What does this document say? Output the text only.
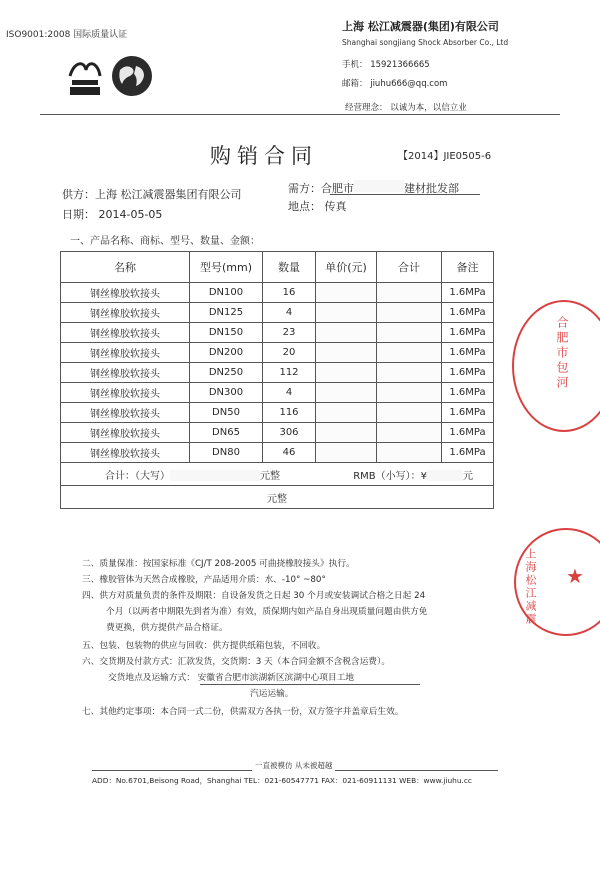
ISO9001:2008 国际质量认证
上海 松江减震器(集团)有限公司
Shanghai songjiang Shock Absorber Co., Ltd
手机： 15921366665
邮箱： jiuhu666@qq.com
经营理念： 以诚为本，以信立业
购销合同	【2014】JIE0505-6
供方：上海 松江减震器集团有限公司
日期： 2014-05-05
需方：合肥市	建材批发部
地点： 传真
一、产品名称、商标、型号、数量、金额：
名称	型号(mm)	数量	单价(元)	合计	备注
钢丝橡胶软接头	DN100	16			1.6MPa
钢丝橡胶软接头	DN125	4			1.6MPa
钢丝橡胶软接头	DN150	23			1.6MPa
钢丝橡胶软接头	DN200	20			1.6MPa
钢丝橡胶软接头	DN250	112			1.6MPa
钢丝橡胶软接头	DN300	4			1.6MPa
钢丝橡胶软接头	DN50	116			1.6MPa
钢丝橡胶软接头	DN65	306			1.6MPa
钢丝橡胶软接头	DN80	46			1.6MPa
合计：（大写） 元整 RMB（小写）：¥ 元					
元整					
二、质量保准：按国家标准《CJ/T 208-2005 可曲挠橡胶接头》执行。
三、橡胶管体为天然合成橡胶，产品适用介质：水、-10° ~80°
四、供方对质量负责的条件及期限：自设备发货之日起 30 个月或安装调试合格之日起 24
个月（以两者中期限先到者为准）有效，质保期内如产品自身出现质量问题由供方免
费更换，供方提供产品合格证。
五、包装、包装物的供应与回收：供方提供纸箱包装，不回收。
六、交货期及付款方式：汇款发货，交货期：3 天（本合同金额不含税含运费）。
交货地点及运输方式： 安徽省合肥市滨湖新区滨湖中心项目工地
汽运运输。
七、其他约定事项：本合同一式二份，供需双方各执一份，双方签字并盖章后生效。
一直被模仿 从未被超越
ADD：No.6701,Beisong Road，Shanghai TEL：021-60547771 FAX：021-60911131 WEB：www.jiuhu.cc
合肥市包河
上海松江减震 ★
